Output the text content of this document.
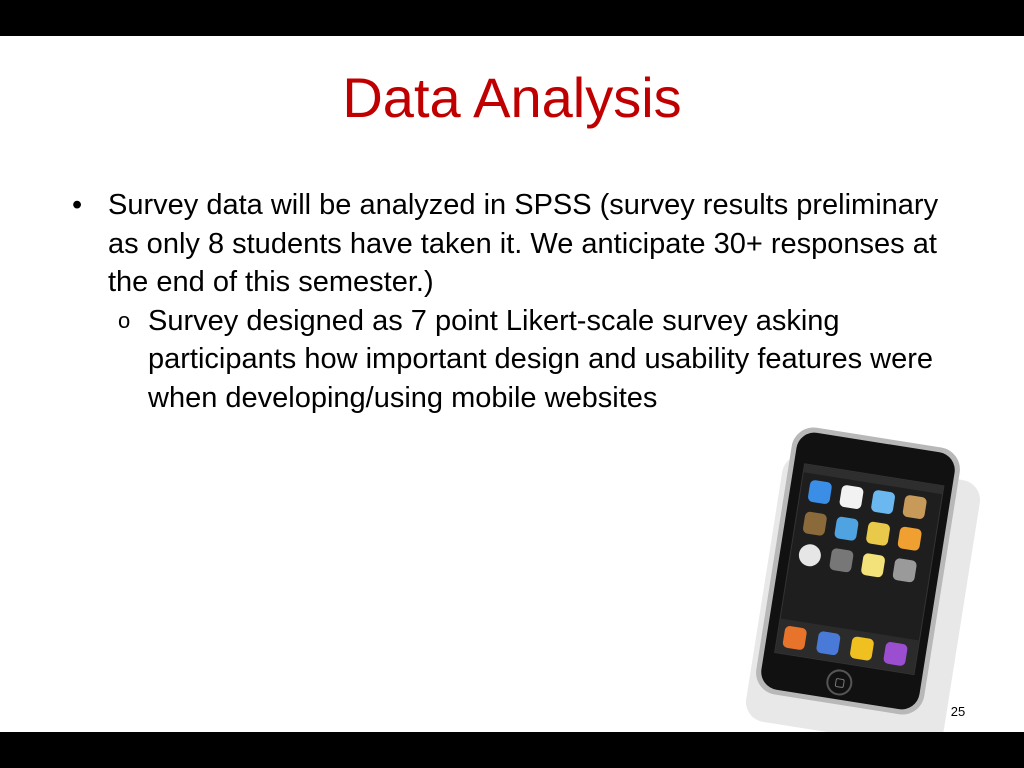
Data Analysis
• Survey data will be analyzed in SPSS (survey results preliminary as only 8 students have taken it. We anticipate 30+ responses at the end of this semester.)
o Survey designed as 7 point Likert-scale survey asking participants how important design and usability features were when developing/using mobile websites
25
